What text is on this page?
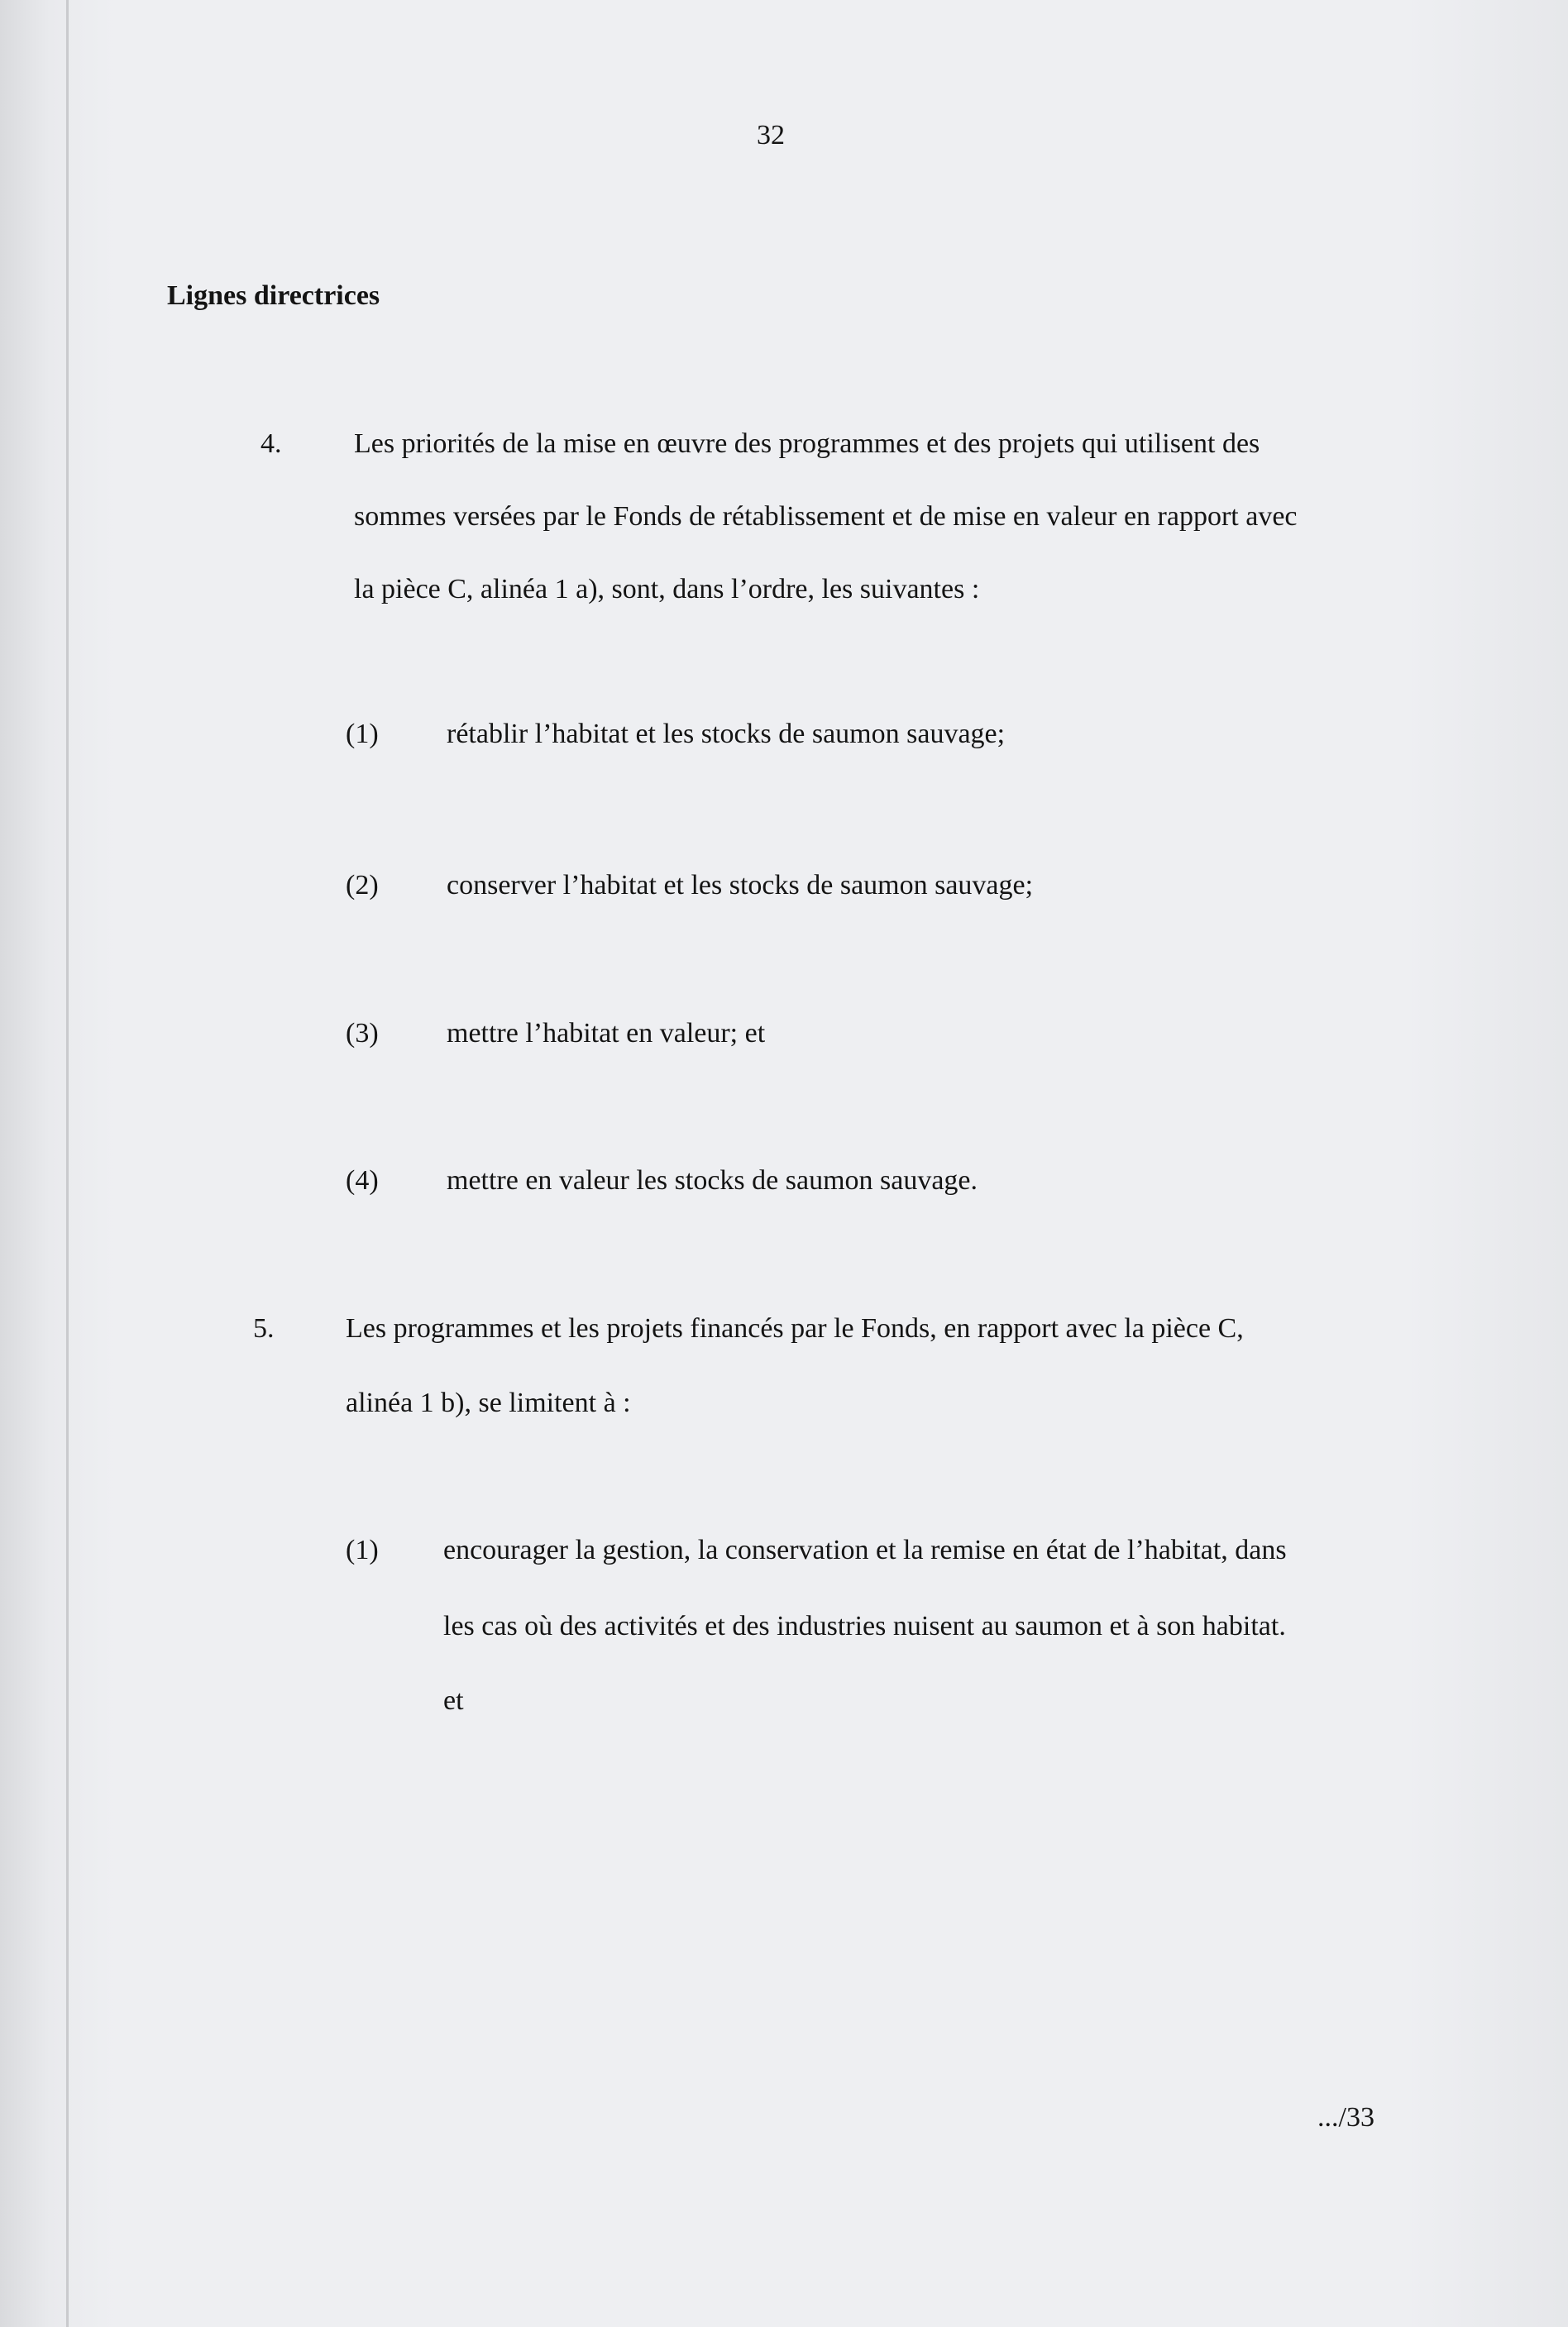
32
Lignes directrices
4.	Les priorités de la mise en œuvre des programmes et des projets qui utilisent des
sommes versées par le Fonds de rétablissement et de mise en valeur en rapport avec
la pièce C, alinéa 1 a), sont, dans l’ordre, les suivantes :
(1) rétablir l’habitat et les stocks de saumon sauvage;
(2) conserver l’habitat et les stocks de saumon sauvage;
(3) mettre l’habitat en valeur; et
(4) mettre en valeur les stocks de saumon sauvage.
5.	Les programmes et les projets financés par le Fonds, en rapport avec la pièce C,
alinéa 1 b), se limitent à :
(1) encourager la gestion, la conservation et la remise en état de l’habitat, dans
les cas où des activités et des industries nuisent au saumon et à son habitat.
et
.../33
